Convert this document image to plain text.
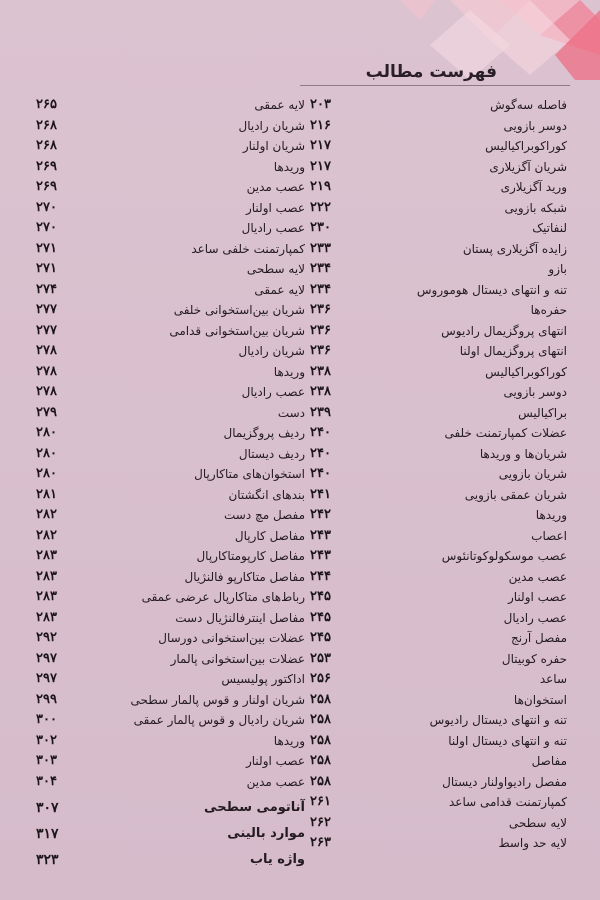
فهرست مطالب
فاصله سه‌گوش
۲۰۳
دوسر بازویی
۲۱۶
کوراکوبراکیالیس
۲۱۷
شریان آگزیلاری
۲۱۷
ورید آگزیلاری
۲۱۹
شبکه بازویی
۲۲۲
لنفاتیک
۲۳۰
زایده آگزیلاری پستان
۲۳۳
بازو
۲۳۴
تنه و انتهای دیستال هوموروس
۲۳۴
حفره‌ها
۲۳۶
انتهای پروگزیمال رادیوس
۲۳۶
انتهای پروگزیمال اولنا
۲۳۶
کوراکوبراکیالیس
۲۳۸
دوسر بازویی
۲۳۸
براکیالیس
۲۳۹
عضلات کمپارتمنت خلفی
۲۴۰
شریان‌ها و وریدها
۲۴۰
شریان بازویی
۲۴۰
شریان عمقی بازویی
۲۴۱
وریدها
۲۴۲
اعصاب
۲۴۳
عصب موسکولوکوتانئوس
۲۴۳
عصب مدین
۲۴۴
عصب اولنار
۲۴۵
عصب رادیال
۲۴۵
مفصل آرنج
۲۴۵
حفره کوبیتال
۲۵۳
ساعد
۲۵۶
استخوان‌ها
۲۵۸
تنه و انتهای دیستال رادیوس
۲۵۸
تنه و انتهای دیستال اولنا
۲۵۸
مفاصل
۲۵۸
مفصل رادیواولنار دیستال
۲۵۸
کمپارتمنت قدامی ساعد
۲۶۱
لایه سطحی
۲۶۲
لایه حد واسط
۲۶۳
لایه عمقی
۲۶۵
شریان رادیال
۲۶۸
شریان اولنار
۲۶۸
وریدها
۲۶۹
عصب مدین
۲۶۹
عصب اولنار
۲۷۰
عصب رادیال
۲۷۰
کمپارتمنت خلفی ساعد
۲۷۱
لایه سطحی
۲۷۱
لایه عمقی
۲۷۴
شریان بین‌استخوانی خلفی
۲۷۷
شریان بین‌استخوانی قدامی
۲۷۷
شریان رادیال
۲۷۸
وریدها
۲۷۸
عصب رادیال
۲۷۸
دست
۲۷۹
ردیف پروگزیمال
۲۸۰
ردیف دیستال
۲۸۰
استخوان‌های متاکارپال
۲۸۰
بندهای انگشتان
۲۸۱
مفصل مچ دست
۲۸۲
مفاصل کارپال
۲۸۲
مفاصل کارپومتاکارپال
۲۸۳
مفاصل متاکارپو فالنژیال
۲۸۳
رباط‌های متاکارپال عرضی عمقی
۲۸۳
مفاصل اینترفالنژیال دست
۲۸۳
عضلات بین‌استخوانی دورسال
۲۹۲
عضلات بین‌استخوانی پالمار
۲۹۷
اداکتور پولیسیس
۲۹۷
شریان اولنار و قوس پالمار سطحی
۲۹۹
شریان رادیال و قوس پالمار عمقی
۳۰۰
وریدها
۳۰۲
عصب اولنار
۳۰۳
عصب مدین
۳۰۴
آناتومی سطحی
۳۰۷
موارد بالینی
۳۱۷
واژه یاب
۳۲۳
